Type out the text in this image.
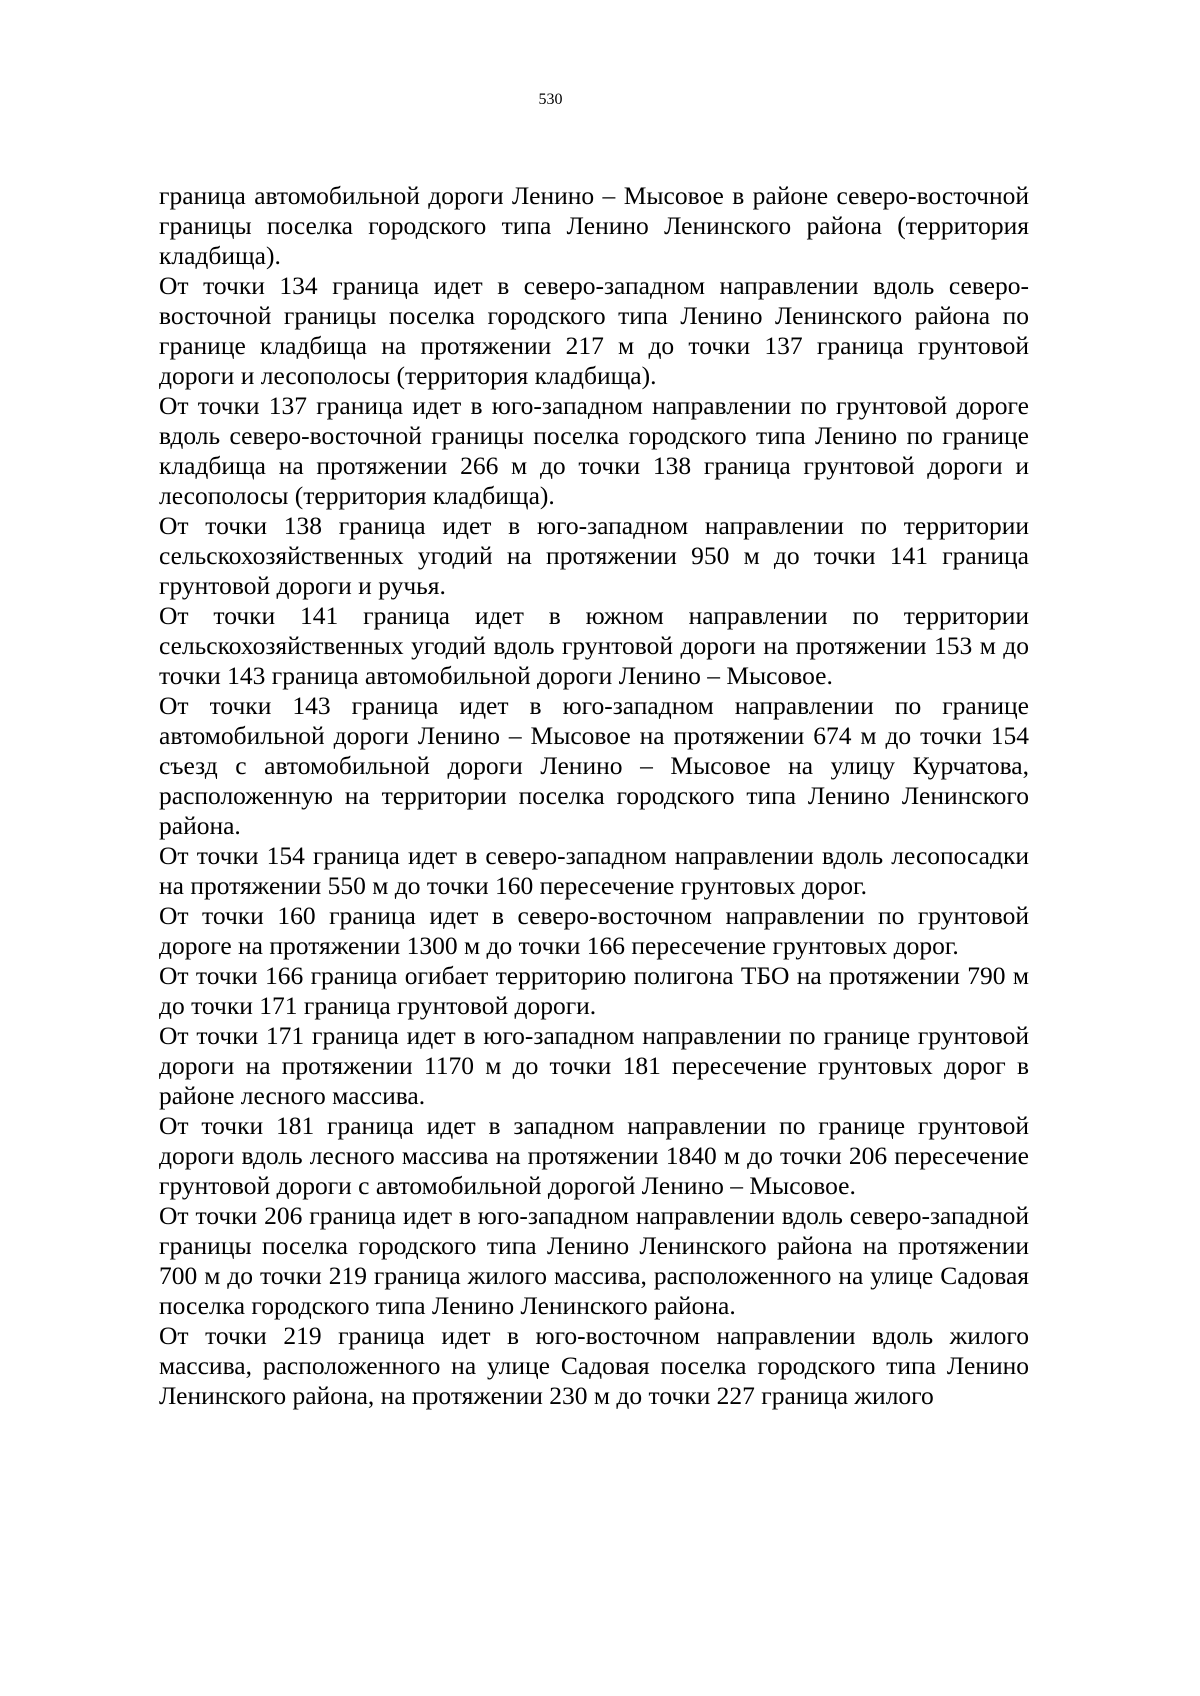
530

граница автомобильной дороги Ленино – Мысовое в районе северо-восточной границы поселка городского типа Ленино Ленинского района (территория кладбища).

От точки 134 граница идет в северо-западном направлении вдоль северо-восточной границы поселка городского типа Ленино Ленинского района по границе кладбища на протяжении 217 м до точки 137 граница грунтовой дороги и лесополосы (территория кладбища).

От точки 137 граница идет в юго-западном направлении по грунтовой дороге вдоль северо-восточной границы поселка городского типа Ленино по границе кладбища на протяжении 266 м до точки 138 граница грунтовой дороги и лесополосы (территория кладбища).

От точки 138 граница идет в юго-западном направлении по территории сельскохозяйственных угодий на протяжении 950 м до точки 141 граница грунтовой дороги и ручья.

От точки 141 граница идет в южном направлении по территории сельскохозяйственных угодий вдоль грунтовой дороги на протяжении 153 м до точки 143 граница автомобильной дороги Ленино – Мысовое.

От точки 143 граница идет в юго-западном направлении по границе автомобильной дороги Ленино – Мысовое на протяжении 674 м до точки 154 съезд с автомобильной дороги Ленино – Мысовое на улицу Курчатова, расположенную на территории поселка городского типа Ленино Ленинского района.

От точки 154 граница идет в северо-западном направлении вдоль лесопосадки на протяжении 550 м до точки 160 пересечение грунтовых дорог.

От точки 160 граница идет в северо-восточном направлении по грунтовой дороге на протяжении 1300 м до точки 166 пересечение грунтовых дорог.

От точки 166 граница огибает территорию полигона ТБО на протяжении 790 м до точки 171 граница грунтовой дороги.

От точки 171 граница идет в юго-западном направлении по границе грунтовой дороги на протяжении 1170 м до точки 181 пересечение грунтовых дорог в районе лесного массива.

От точки 181 граница идет в западном направлении по границе грунтовой дороги вдоль лесного массива на протяжении 1840 м до точки 206 пересечение грунтовой дороги с автомобильной дорогой Ленино – Мысовое.

От точки 206 граница идет в юго-западном направлении вдоль северо-западной границы поселка городского типа Ленино Ленинского района на протяжении 700 м до точки 219 граница жилого массива, расположенного на улице Садовая поселка городского типа Ленино Ленинского района.

От точки 219 граница идет в юго-восточном направлении вдоль жилого массива, расположенного на улице Садовая поселка городского типа Ленино Ленинского района, на протяжении 230 м до точки 227 граница жилого
